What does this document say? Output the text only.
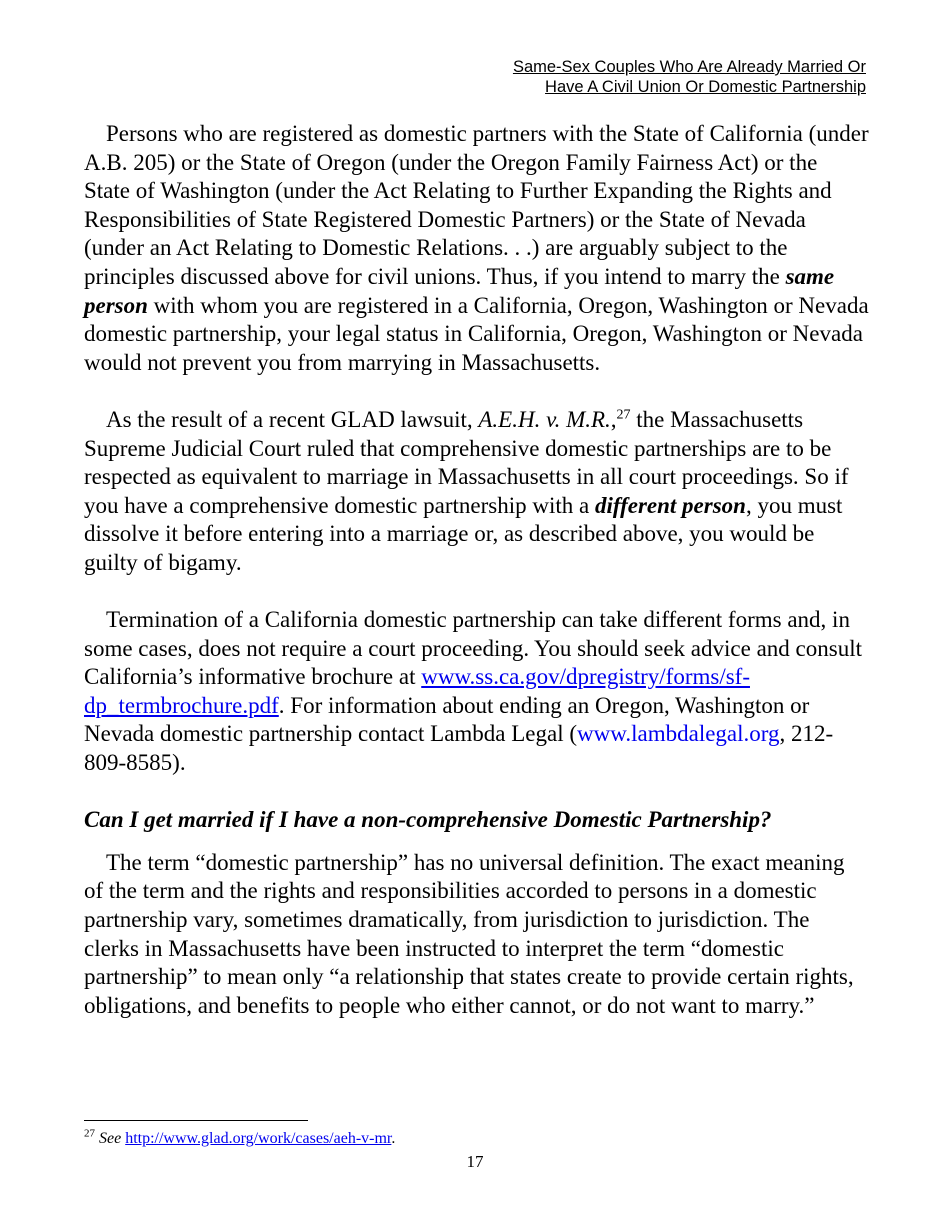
Same-Sex Couples Who Are Already Married Or
Have A Civil Union Or Domestic Partnership

Persons who are registered as domestic partners with the State of California (under A.B. 205) or the State of Oregon (under the Oregon Family Fairness Act) or the State of Washington (under the Act Relating to Further Expanding the Rights and Responsibilities of State Registered Domestic Partners) or the State of Nevada (under an Act Relating to Domestic Relations. . .) are arguably subject to the principles discussed above for civil unions. Thus, if you intend to marry the same person with whom you are registered in a California, Oregon, Washington or Nevada domestic partnership, your legal status in California, Oregon, Washington or Nevada would not prevent you from marrying in Massachusetts.

As the result of a recent GLAD lawsuit, A.E.H. v. M.R.,$^{27}$ the Massachusetts Supreme Judicial Court ruled that comprehensive domestic partnerships are to be respected as equivalent to marriage in Massachusetts in all court proceedings. So if you have a comprehensive domestic partnership with a different person, you must dissolve it before entering into a marriage or, as described above, you would be guilty of bigamy.

Termination of a California domestic partnership can take different forms and, in some cases, does not require a court proceeding. You should seek advice and consult California’s informative brochure at www.ss.ca.gov/dpregistry/forms/sf-dp_termbrochure.pdf. For information about ending an Oregon, Washington or Nevada domestic partnership contact Lambda Legal (www.lambdalegal.org, 212-809-8585).

Can I get married if I have a non-comprehensive Domestic Partnership?

The term “domestic partnership” has no universal definition. The exact meaning of the term and the rights and responsibilities accorded to persons in a domestic partnership vary, sometimes dramatically, from jurisdiction to jurisdiction. The clerks in Massachusetts have been instructed to interpret the term “domestic partnership” to mean only “a relationship that states create to provide certain rights, obligations, and benefits to people who either cannot, or do not want to marry.”

$^{27}$ See http://www.glad.org/work/cases/aeh-v-mr.
17
